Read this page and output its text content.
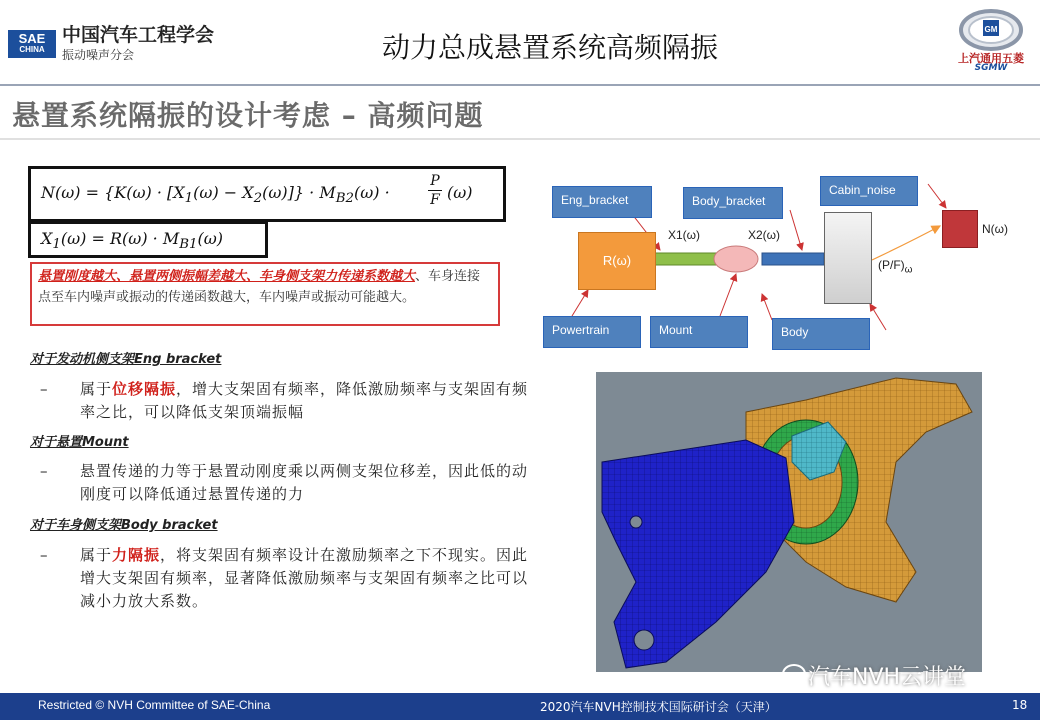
SAE
CHINA
中国汽车工程学会
振动噪声分会	动力总成悬置系统高频隔振
GM
上汽通用五菱
SGMW
悬置系统隔振的设计考虑 – 高频问题
$N(\omega) = \{K(\omega) \cdot [X_1(\omega) - X_2(\omega)]\} \cdot M_{B2}(\omega)$ ·
P
F (ω)
$X_1(\omega) = R(\omega) \cdot M_{B1}(\omega)$
悬置刚度越大、悬置两侧振幅差越大、车身侧支架力传递系数越大、车身连接点至车内噪声或振动的传递函数越大，车内噪声或振动可能越大。
对于发动机侧支架Eng bracket
– 属于位移隔振，增大支架固有频率，降低激励频率与支架固有频率之比，可以降低支架顶端振幅
对于悬置Mount
– 悬置传递的力等于悬置动刚度乘以两侧支架位移差，因此低的动刚度可以降低通过悬置传递的力
对于车身侧支架Body bracket
– 属于力隔振，将支架固有频率设计在激励频率之下不现实。因此增大支架固有频率，显著降低激励频率与支架固有频率之比可以减小力放大系数。
Eng_bracket	Body_bracket
Cabin_noise
Powertrain	Mount	Body
R(ω)
X1(ω)	X2(ω)	N(ω)
$(P/F)_\omega$
汽车NVH云讲堂
Restricted © NVH Committee of SAE-China	2020汽车NVH控制技术国际研讨会（天津）	18
